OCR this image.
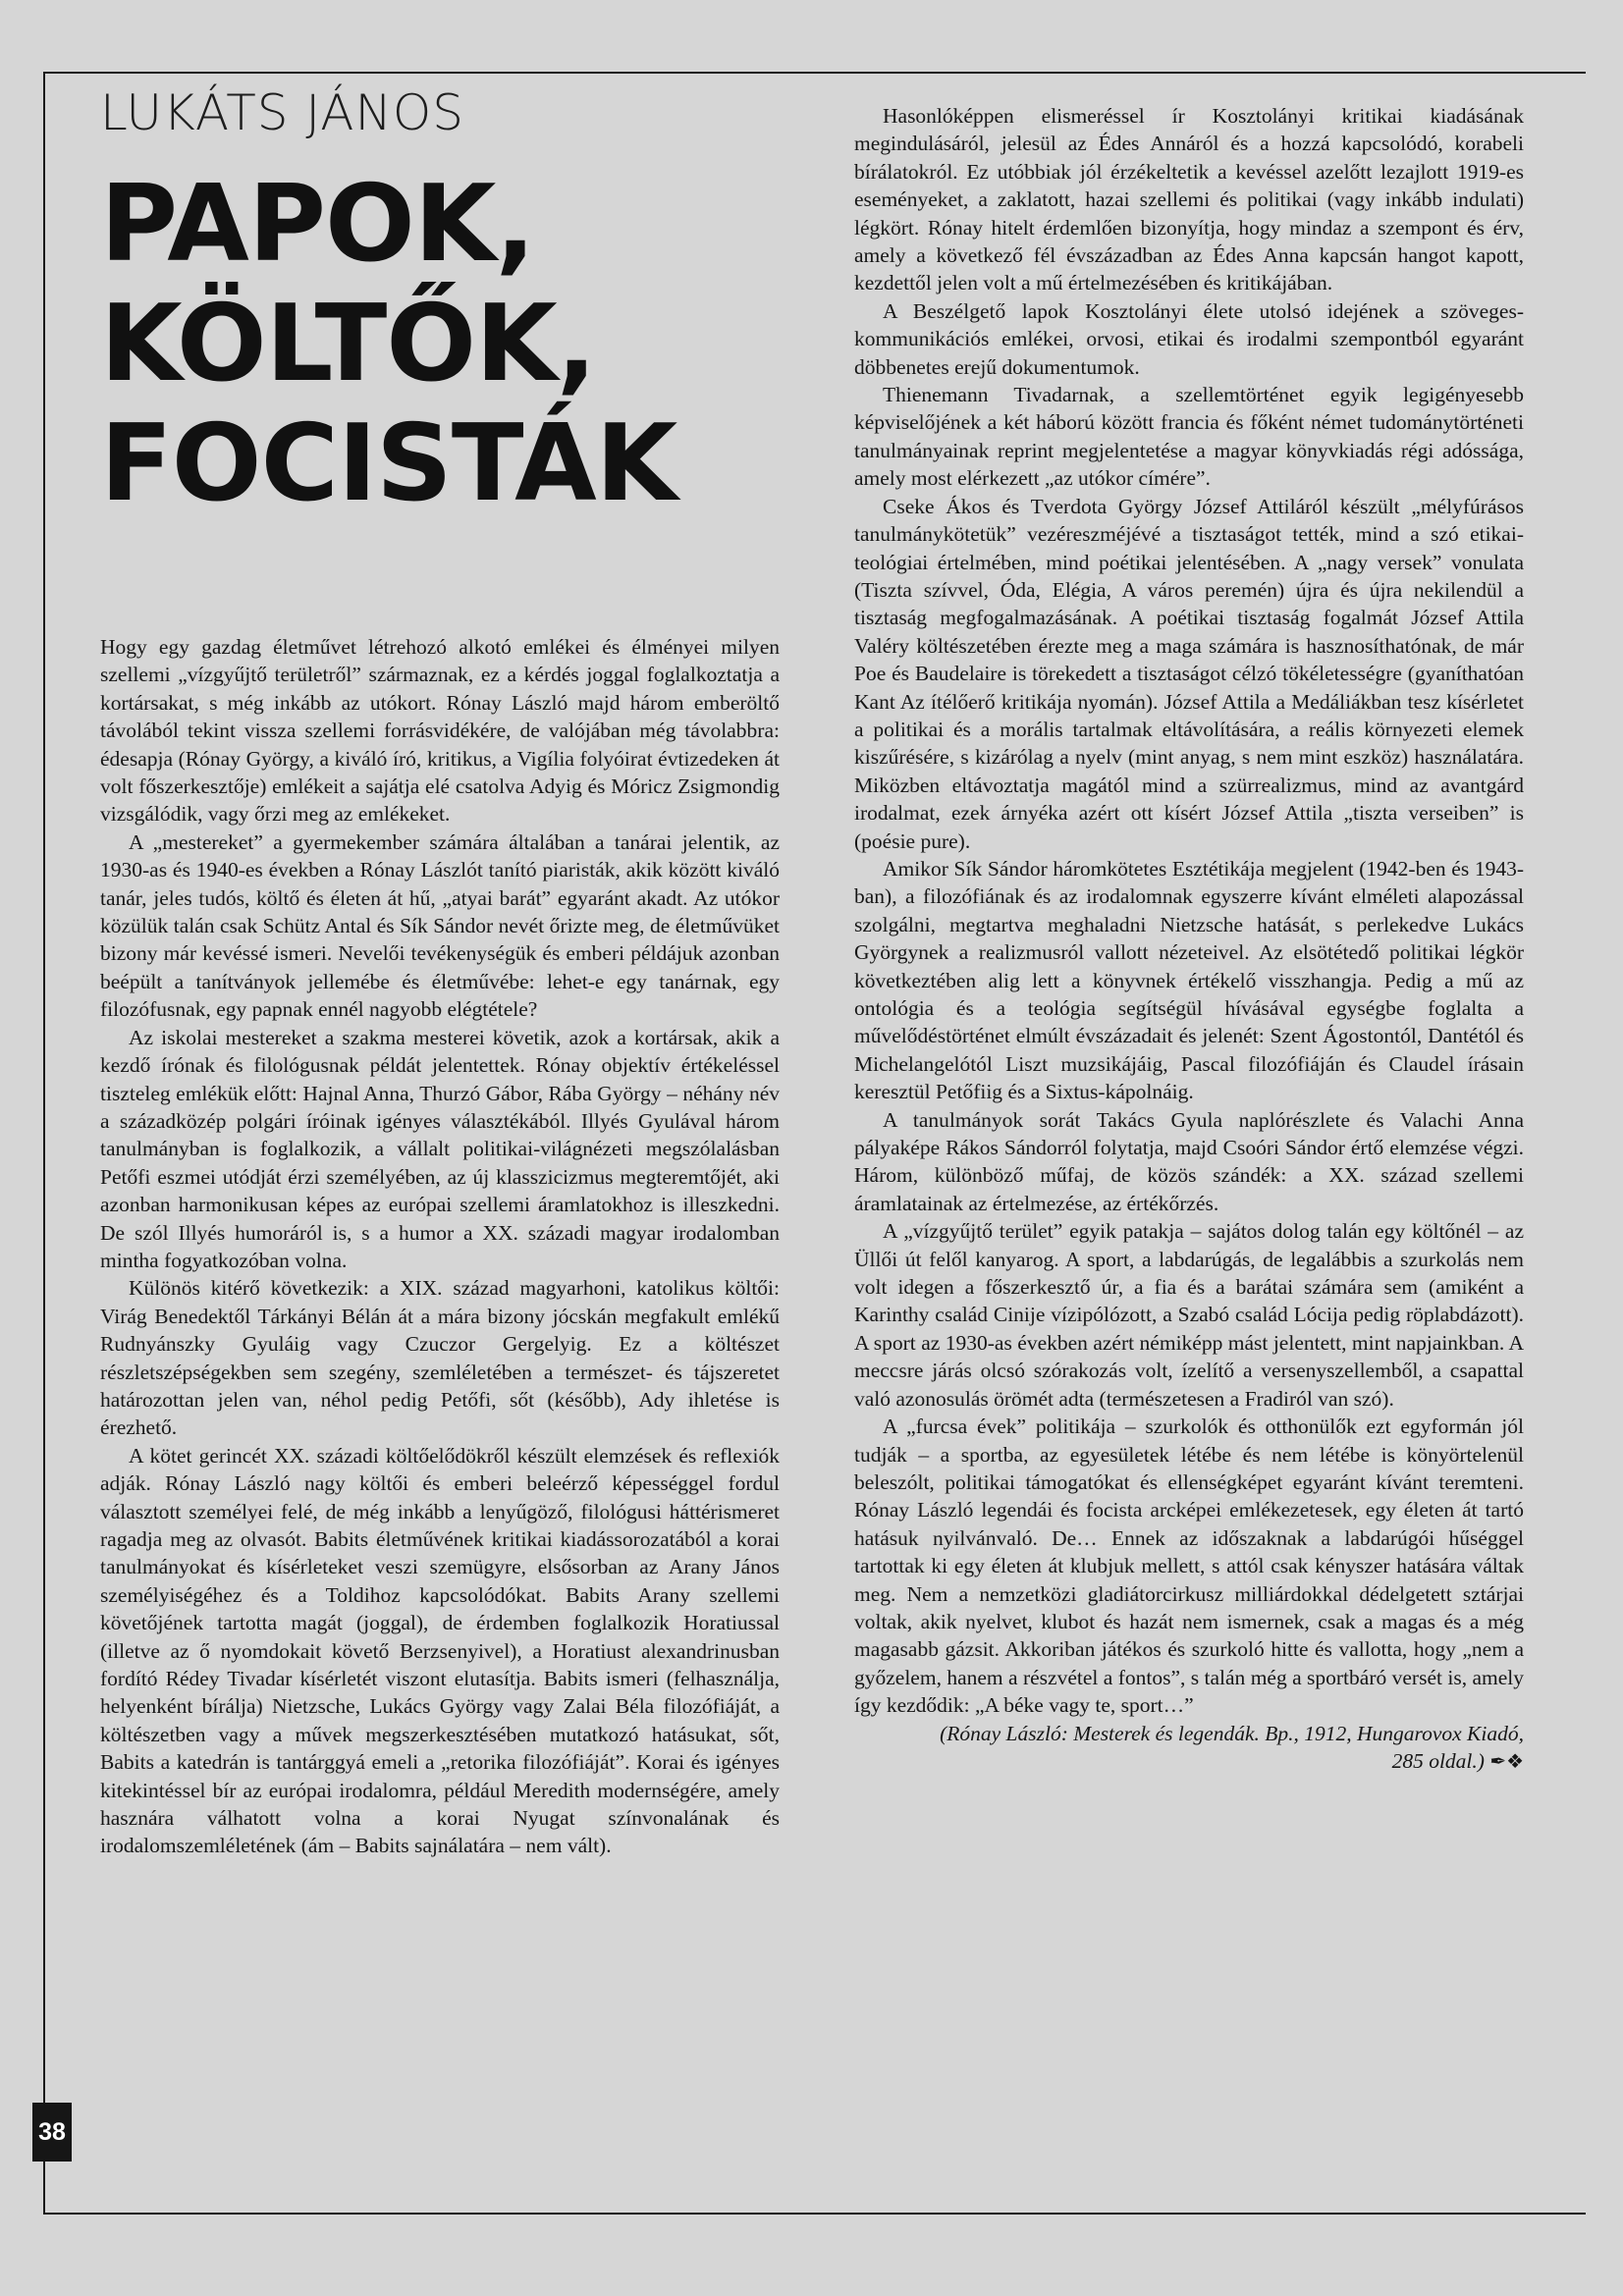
38
LUKÁTS JÁNOS
PAPOK,
KÖLTŐK,
FOCISTÁK

Hogy egy gazdag életművet létrehozó alkotó emlékei és élményei milyen szellemi „vízgyűjtő területről” származnak, ez a kérdés joggal foglalkoztatja a kortársakat, s még inkább az utókort. Rónay László majd három emberöltő távolából tekint vissza szellemi forrásvidékére, de valójában még távolabbra: édesapja (Rónay György, a kiváló író, kritikus, a Vigília folyóirat évtizedeken át volt főszerkesztője) emlékeit a sajátja elé csatolva Adyig és Móricz Zsigmondig vizsgálódik, vagy őrzi meg az emlékeket.

A „mestereket” a gyermekember számára általában a tanárai jelentik, az 1930-as és 1940-es években a Rónay Lászlót tanító piaristák, akik között kiváló tanár, jeles tudós, költő és életen át hű, „atyai barát” egyaránt akadt. Az utókor közülük talán csak Schütz Antal és Sík Sándor nevét őrizte meg, de életművüket bizony már kevéssé ismeri. Nevelői tevékenységük és emberi példájuk azonban beépült a tanítványok jellemébe és életművébe: lehet-e egy tanárnak, egy filozófusnak, egy papnak ennél nagyobb elégtétele?

Az iskolai mestereket a szakma mesterei követik, azok a kortársak, akik a kezdő írónak és filológusnak példát jelentettek. Rónay objektív értékeléssel tiszteleg emlékük előtt: Hajnal Anna, Thurzó Gábor, Rába György – néhány név a századközép polgári íróinak igényes választékából. Illyés Gyulával három tanulmányban is foglalkozik, a vállalt politikai-világnézeti megszólalásban Petőfi eszmei utódját érzi személyében, az új klasszicizmus megteremtőjét, aki azonban harmonikusan képes az európai szellemi áramlatokhoz is illeszkedni. De szól Illyés humoráról is, s a humor a XX. századi magyar irodalomban mintha fogyatkozóban volna.

Különös kitérő következik: a XIX. század magyarhoni, katolikus költői: Virág Benedektől Tárkányi Bélán át a mára bizony jócskán megfakult emlékű Rudnyánszky Gyuláig vagy Czuczor Gergelyig. Ez a költészet részletszépségekben sem szegény, szemléletében a természet- és tájszeretet határozottan jelen van, néhol pedig Petőfi, sőt (később), Ady ihletése is érezhető.

A kötet gerincét XX. századi költőelődökről készült elemzések és reflexiók adják. Rónay László nagy költői és emberi beleérző képességgel fordul választott személyei felé, de még inkább a lenyűgöző, filológusi háttérismeret ragadja meg az olvasót. Babits életművének kritikai kiadássorozatából a korai tanulmányokat és kísérleteket veszi szemügyre, elsősorban az Arany János személyiségéhez és a Toldihoz kapcsolódókat. Babits Arany szellemi követőjének tartotta magát (joggal), de érdemben foglalkozik Horatiussal (illetve az ő nyomdokait követő Berzsenyivel), a Horatiust alexandrinusban fordító Rédey Tivadar kísérletét viszont elutasítja. Babits ismeri (felhasználja, helyenként bírálja) Nietzsche, Lukács György vagy Zalai Béla filozófiáját, a költészetben vagy a művek megszerkesztésében mutatkozó hatásukat, sőt, Babits a katedrán is tantárggyá emeli a „retorika filozófiáját”. Korai és igényes kitekintéssel bír az európai irodalomra, például Meredith modernségére, amely hasznára válhatott volna a korai Nyugat színvonalának és irodalomszemléletének (ám – Babits sajnálatára – nem vált).

Hasonlóképpen elismeréssel ír Kosztolányi kritikai kiadásának megindulásáról, jelesül az Édes Annáról és a hozzá kapcsolódó, korabeli bírálatokról. Ez utóbbiak jól érzékeltetik a kevéssel azelőtt lezajlott 1919-es eseményeket, a zaklatott, hazai szellemi és politikai (vagy inkább indulati) légkört. Rónay hitelt érdemlően bizonyítja, hogy mindaz a szempont és érv, amely a következő fél évszázadban az Édes Anna kapcsán hangot kapott, kezdettől jelen volt a mű értelmezésében és kritikájában.

A Beszélgető lapok Kosztolányi élete utolsó idejének a szöveges-kommunikációs emlékei, orvosi, etikai és irodalmi szempontból egyaránt döbbenetes erejű dokumentumok.

Thienemann Tivadarnak, a szellemtörténet egyik legigényesebb képviselőjének a két háború között francia és főként német tudománytörténeti tanulmányainak reprint megjelentetése a magyar könyvkiadás régi adóssága, amely most elérkezett „az utókor címére”.

Cseke Ákos és Tverdota György József Attiláról készült „mélyfúrásos tanulmánykötetük” vezéreszméjévé a tisztaságot tették, mind a szó etikai-teológiai értelmében, mind poétikai jelentésében. A „nagy versek” vonulata (Tiszta szívvel, Óda, Elégia, A város peremén) újra és újra nekilendül a tisztaság megfogalmazásának. A poétikai tisztaság fogalmát József Attila Valéry költészetében érezte meg a maga számára is hasznosíthatónak, de már Poe és Baudelaire is törekedett a tisztaságot célzó tökéletességre (gyaníthatóan Kant Az ítélőerő kritikája nyomán). József Attila a Medáliákban tesz kísérletet a politikai és a morális tartalmak eltávolítására, a reális környezeti elemek kiszűrésére, s kizárólag a nyelv (mint anyag, s nem mint eszköz) használatára. Miközben eltávoztatja magától mind a szürrealizmus, mind az avantgárd irodalmat, ezek árnyéka azért ott kísért József Attila „tiszta verseiben” is (poésie pure).

Amikor Sík Sándor háromkötetes Esztétikája megjelent (1942-ben és 1943-ban), a filozófiának és az irodalomnak egyszerre kívánt elméleti alapozással szolgálni, megtartva meghaladni Nietzsche hatását, s perlekedve Lukács Györgynek a realizmusról vallott nézeteivel. Az elsötétedő politikai légkör következtében alig lett a könyvnek értékelő visszhangja. Pedig a mű az ontológia és a teológia segítségül hívásával egységbe foglalta a művelődéstörténet elmúlt évszázadait és jelenét: Szent Ágostontól, Dantétól és Michelangelótól Liszt muzsikájáig, Pascal filozófiáján és Claudel írásain keresztül Petőfiig és a Sixtus-kápolnáig.

A tanulmányok sorát Takács Gyula naplórészlete és Valachi Anna pályaképe Rákos Sándorról folytatja, majd Csoóri Sándor értő elemzése végzi. Három, különböző műfaj, de közös szándék: a XX. század szellemi áramlatainak az értelmezése, az értékőrzés.

A „vízgyűjtő terület” egyik patakja – sajátos dolog talán egy költőnél – az Üllői út felől kanyarog. A sport, a labdarúgás, de legalábbis a szurkolás nem volt idegen a főszerkesztő úr, a fia és a barátai számára sem (amiként a Karinthy család Cinije vízipólózott, a Szabó család Lócija pedig röplabdázott). A sport az 1930-as években azért némiképp mást jelentett, mint napjainkban. A meccsre járás olcsó szórakozás volt, ízelítő a versenyszellemből, a csapattal való azonosulás örömét adta (természetesen a Fradiról van szó).

A „furcsa évek” politikája – szurkolók és otthonülők ezt egyformán jól tudják – a sportba, az egyesületek létébe és nem létébe is könyörtelenül beleszólt, politikai támogatókat és ellenségképet egyaránt kívánt teremteni. Rónay László legendái és focista arcképei emlékezetesek, egy életen át tartó hatásuk nyilvánvaló. De… Ennek az időszaknak a labdarúgói hűséggel tartottak ki egy életen át klubjuk mellett, s attól csak kényszer hatására váltak meg. Nem a nemzetközi gladiátorcirkusz milliárdokkal dédelgetett sztárjai voltak, akik nyelvet, klubot és hazát nem ismernek, csak a magas és a még magasabb gázsit. Akkoriban játékos és szurkoló hitte és vallotta, hogy „nem a győzelem, hanem a részvétel a fontos”, s talán még a sportbáró versét is, amely így kezdődik: „A béke vagy te, sport…”

(Rónay László: Mesterek és legendák. Bp., 1912, Hungarovox Kiadó,
285 oldal.) ✒❖
